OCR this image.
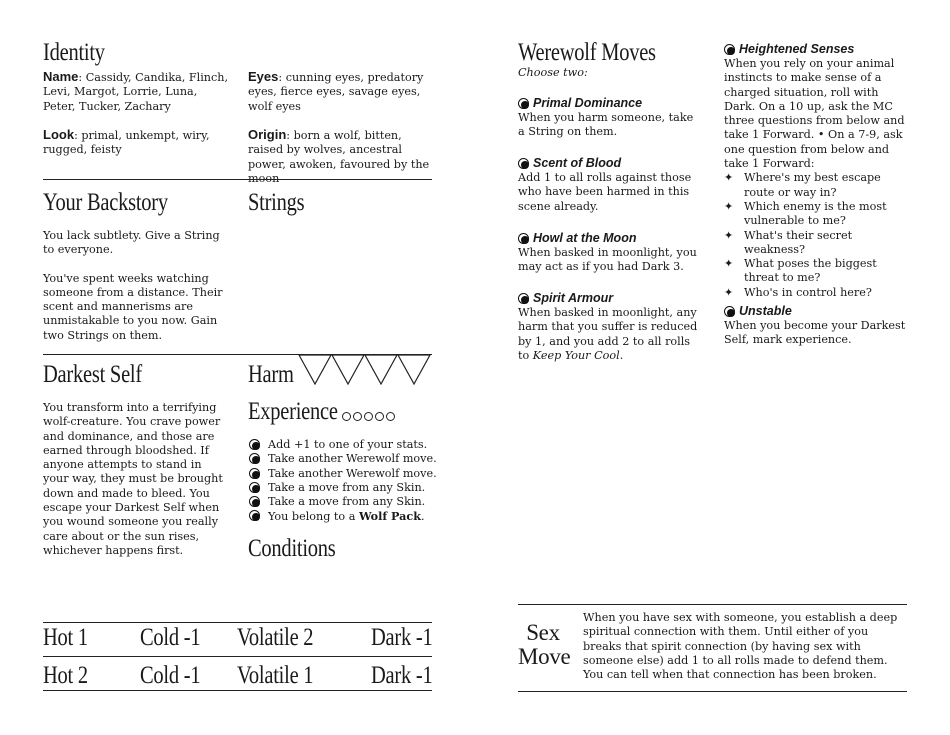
Identity
Name: Cassidy, Candika, Flinch, Levi, Margot, Lorrie, Luna, Peter, Tucker, Zachary
Look: primal, unkempt, wiry, rugged, feisty
Eyes: cunning eyes, predatory eyes, fierce eyes, savage eyes, wolf eyes
Origin: born a wolf, bitten, raised by wolves, ancestral power, awoken, favoured by the moon
Your Backstory

You lack subtlety. Give a String to everyone.

You've spent weeks watching someone from a distance. Their scent and mannerisms are unmistakable to you now. Gain two Strings on them.

Strings
Darkest Self
You transform into a terrifying wolf-creature. You crave power and dominance, and those are earned through bloodshed. If anyone attempts to stand in your way, they must be brought down and made to bleed. You escape your Darkest Self when you wound someone you really care about or the sun rises, whichever happens first.
Harm
Experience
Add +1 to one of your stats.
Take another Werewolf move.
Take another Werewolf move.
Take a move from any Skin.
Take a move from any Skin.
You belong to a Wolf Pack.
Conditions
Hot 1 Cold -1 Volatile 2 Dark -1
Hot 2 Cold -1 Volatile 1 Dark -1
Werewolf Moves
Choose two:
Primal Dominance
When you harm someone, take a String on them.
Scent of Blood
Add 1 to all rolls against those who have been harmed in this scene already.
Howl at the Moon
When basked in moonlight, you may act as if you had Dark 3.
Spirit Armour
When basked in moonlight, any harm that you suffer is reduced by 1, and you add 2 to all rolls to Keep Your Cool.
Heightened Senses
When you rely on your animal instincts to make sense of a charged situation, roll with Dark. On a 10 up, ask the MC three questions from below and take 1 Forward. • On a 7-9, ask one question from below and take 1 Forward:
✦ Where's my best escape route or way in?
✦ Which enemy is the most vulnerable to me?
✦ What's their secret weakness?
✦ What poses the biggest threat to me?
✦ Who's in control here?
Unstable
When you become your Darkest Self, mark experience.
Sex
Move
When you have sex with someone, you establish a deep spiritual connection with them. Until either of you breaks that spirit connection (by having sex with someone else) add 1 to all rolls made to defend them. You can tell when that connection has been broken.
